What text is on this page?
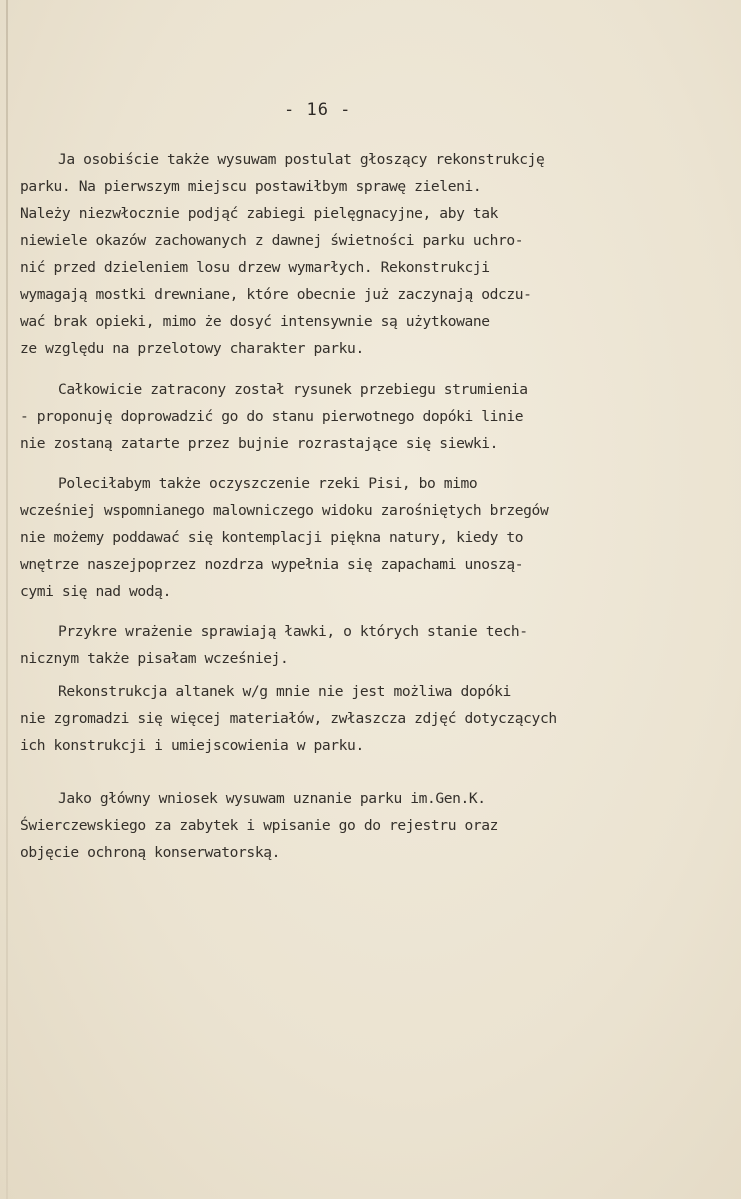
- 16 -
Ja osobiście także wysuwam postulat głoszący rekonstrukcję
parku. Na pierwszym miejscu postawiłbym sprawę zieleni.
Należy niezwłocznie podjąć zabiegi pielęgnacyjne, aby tak
niewiele okazów zachowanych z dawnej świetności parku uchro-
nić przed dzieleniem losu drzew wymarłych. Rekonstrukcji
wymagają mostki drewniane, które obecnie już zaczynają odczu-
wać brak opieki, mimo że dosyć intensywnie są użytkowane
ze względu na przelotowy charakter parku.
Całkowicie zatracony został rysunek przebiegu strumienia
- proponuję doprowadzić go do stanu pierwotnego dopóki linie
nie zostaną zatarte przez bujnie rozrastające się siewki.
Poleciłabym także oczyszczenie rzeki Pisi, bo mimo
wcześniej wspomnianego malowniczego widoku zarośniętych brzegów
nie możemy poddawać się kontemplacji piękna natury, kiedy to
wnętrze naszejpoprzez nozdrza wypełnia się zapachami unoszą-
cymi się nad wodą.
Przykre wrażenie sprawiają ławki, o których stanie tech-
nicznym także pisałam wcześniej.
Rekonstrukcja altanek w/g mnie nie jest możliwa dopóki
nie zgromadzi się więcej materiałów, zwłaszcza zdjęć dotyczących
ich konstrukcji i umiejscowienia w parku.
Jako główny wniosek wysuwam uznanie parku im.Gen.K.
Świerczewskiego za zabytek i wpisanie go do rejestru oraz
objęcie ochroną konserwatorską.
